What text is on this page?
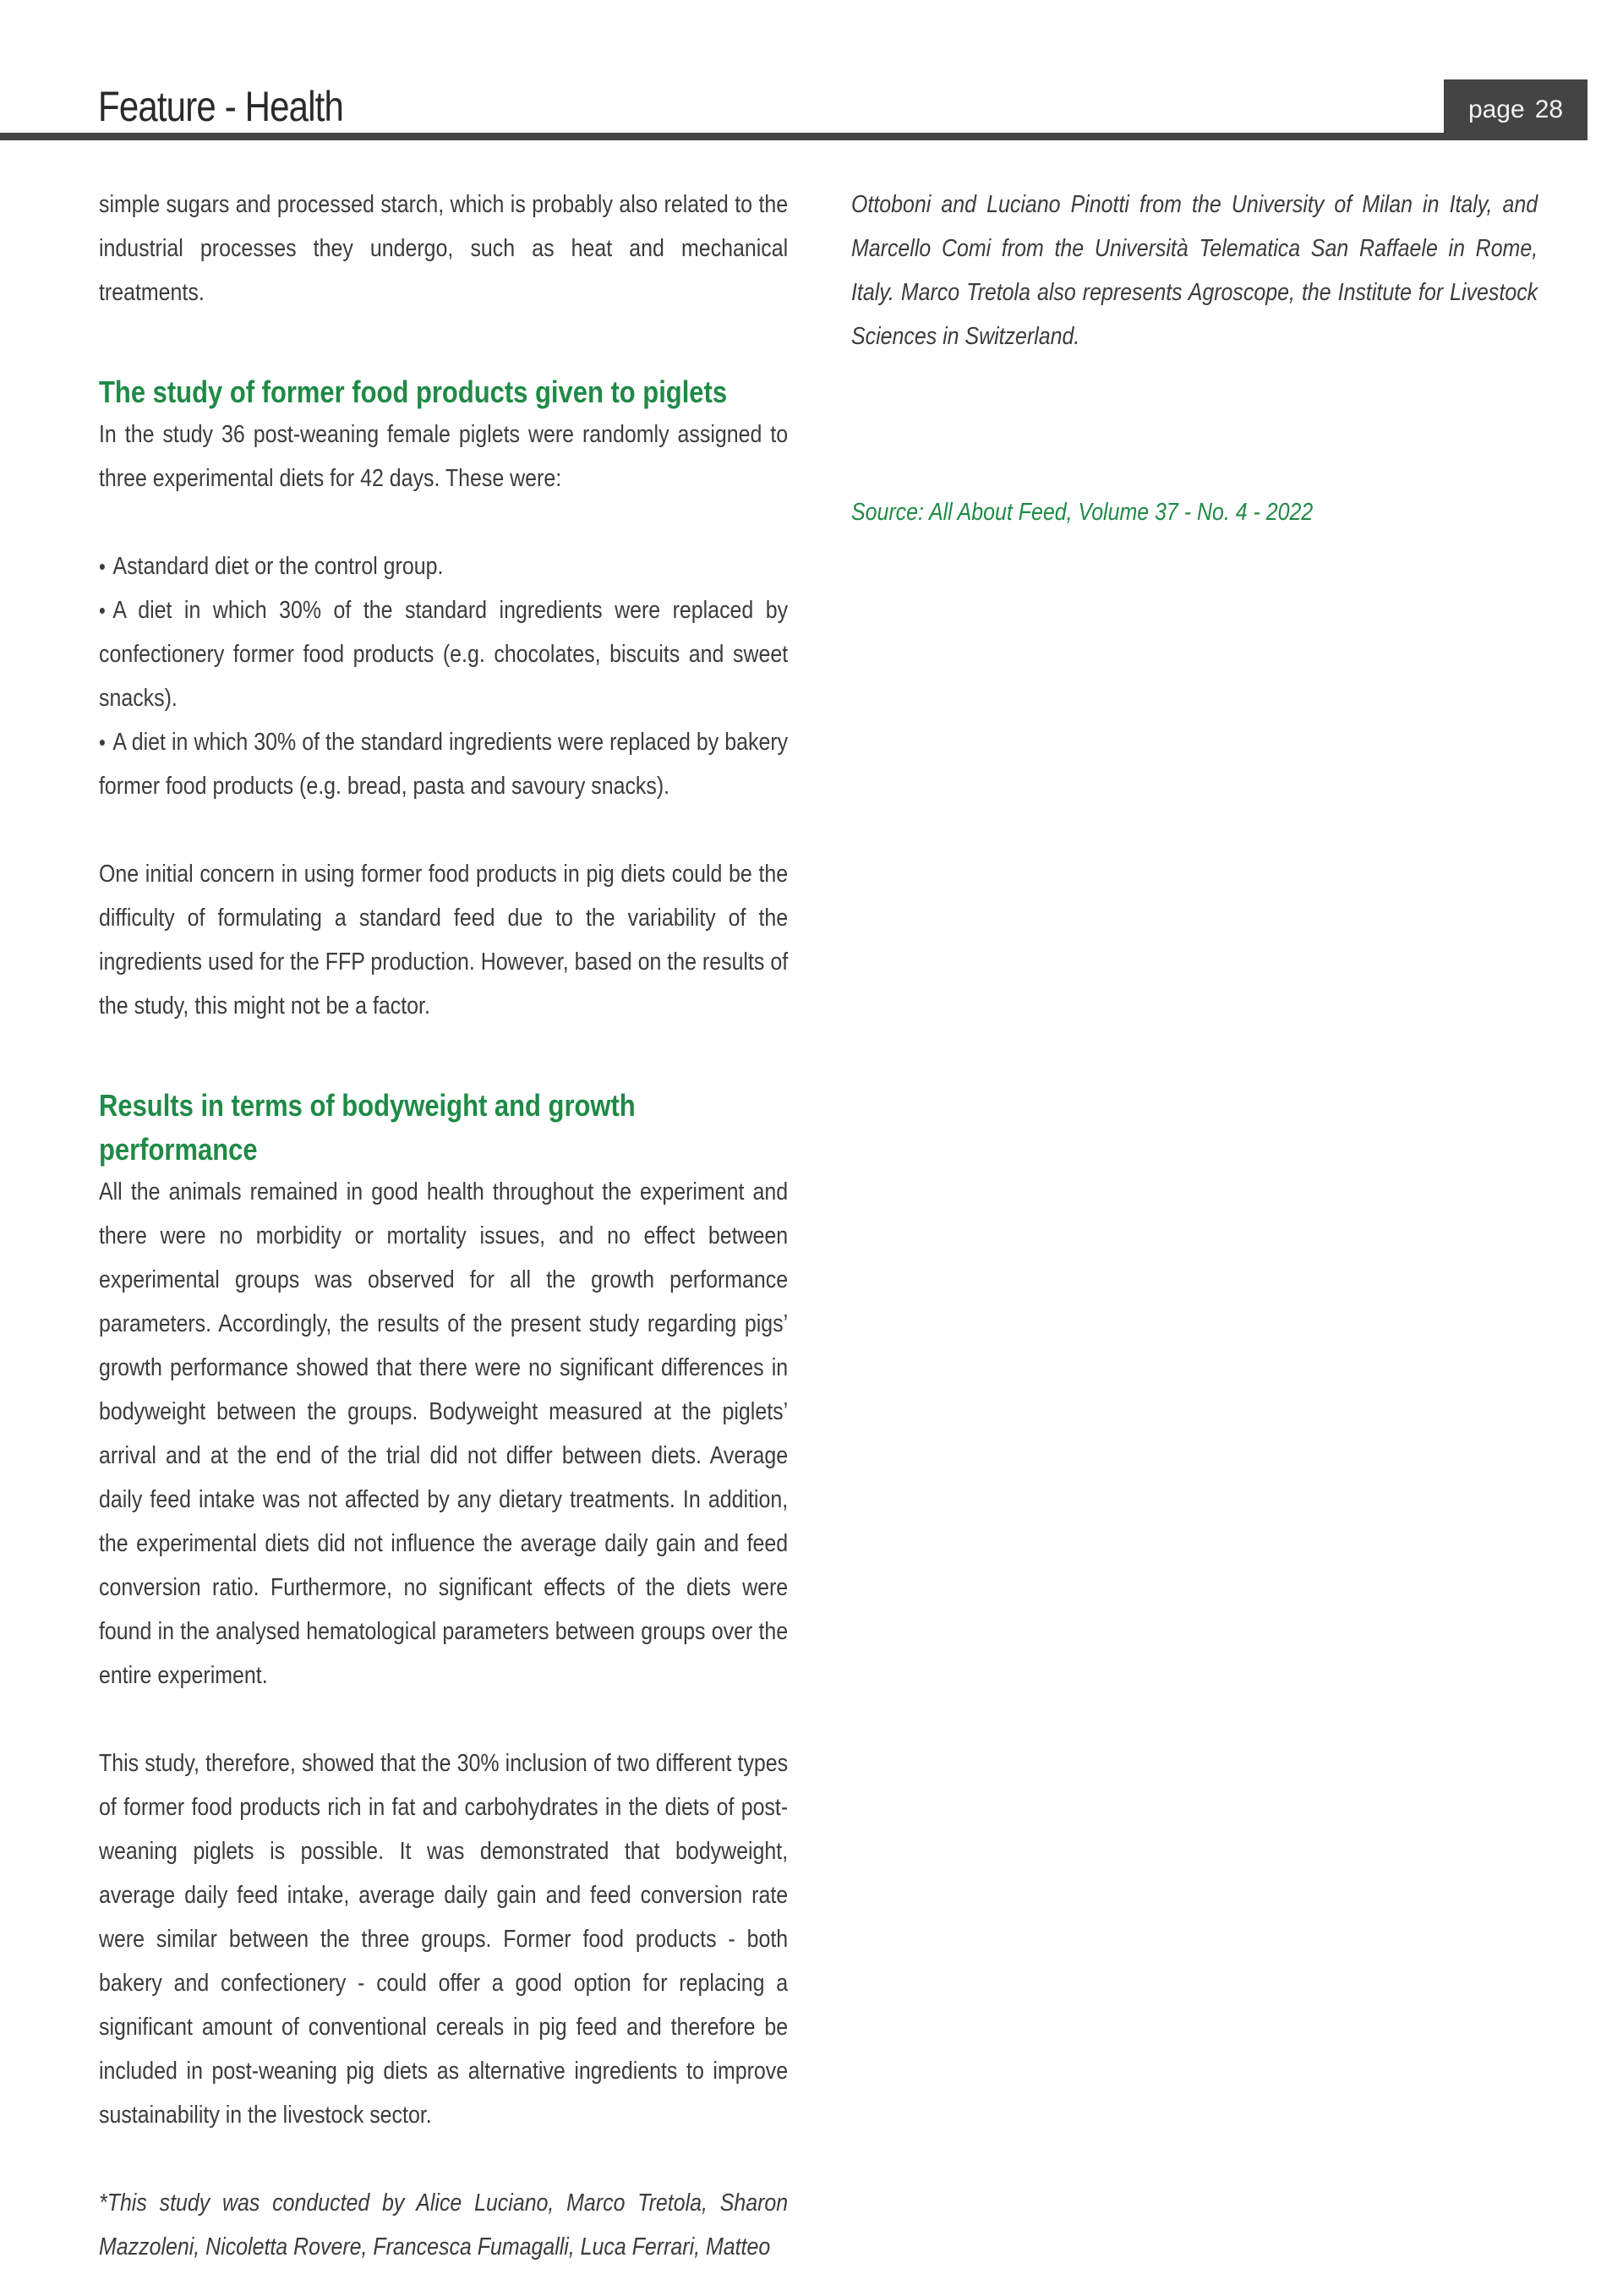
Feature - Health	page 28

simple sugars and processed starch, which is probably also related to the industrial processes they undergo, such as heat and mechanical treatments.

The study of former food products given to piglets

In the study 36 post-weaning female piglets were randomly assigned to three experimental diets for 42 days. These were:

• Astandard diet or the control group.

• A diet in which 30% of the standard ingredients were replaced by confectionery former food products (e.g. chocolates, biscuits and sweet snacks).

• A diet in which 30% of the standard ingredients were replaced by bakery former food products (e.g. bread, pasta and savoury snacks).

One initial concern in using former food products in pig diets could be the difficulty of formulating a standard feed due to the variability of the ingredients used for the FFP production. However, based on the results of the study, this might not be a factor.

Results in terms of bodyweight and growth performance

All the animals remained in good health throughout the experiment and there were no morbidity or mortality issues, and no effect between experimental groups was observed for all the growth performance parameters. Accordingly, the results of the present study regarding pigs’ growth performance showed that there were no significant differences in bodyweight between the groups. Bodyweight measured at the piglets’ arrival and at the end of the trial did not differ between diets. Average daily feed intake was not affected by any dietary treatments. In addition, the experimental diets did not influence the average daily gain and feed conversion ratio. Furthermore, no significant effects of the diets were found in the analysed hematological parameters between groups over the entire experiment.

This study, therefore, showed that the 30% inclusion of two different types of former food products rich in fat and carbohydrates in the diets of post-weaning piglets is possible. It was demonstrated that bodyweight, average daily feed intake, average daily gain and feed conversion rate were similar between the three groups. Former food products - both bakery and confectionery - could offer a good option for replacing a significant amount of conventional cereals in pig feed and therefore be included in post-weaning pig diets as alternative ingredients to improve sustainability in the livestock sector.

*This study was conducted by Alice Luciano, Marco Tretola, Sharon Mazzoleni, Nicoletta Rovere, Francesca Fumagalli, Luca Ferrari, Matteo

Ottoboni and Luciano Pinotti from the University of Milan in Italy, and Marcello Comi from the Università Telematica San Raffaele in Rome, Italy. Marco Tretola also represents Agroscope, the Institute for Livestock Sciences in Switzerland.

Source: All About Feed, Volume 37 - No. 4 - 2022
